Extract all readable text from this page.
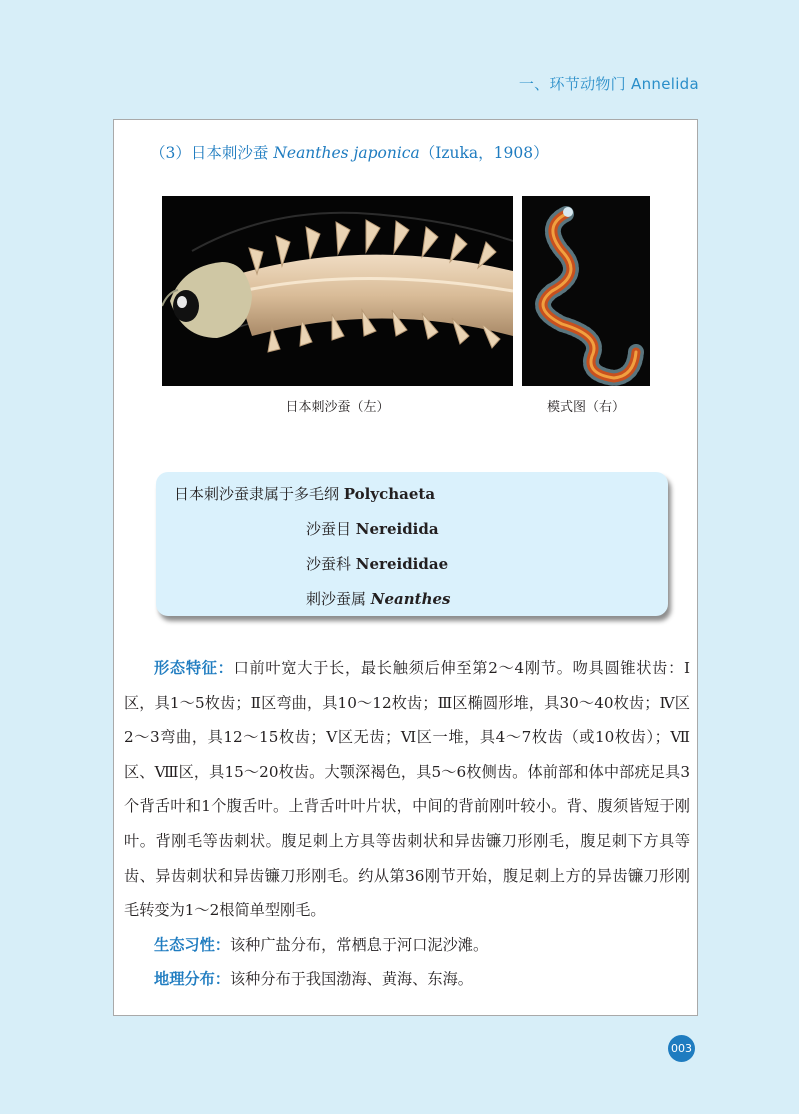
一、环节动物门 Annelida
（3）日本刺沙蚕 Neanthes japonica（Izuka，1908）
日本刺沙蚕（左）	模式图（右）
日本刺沙蚕隶属于多毛纲 Polychaeta
沙蚕目 Nereidida
沙蚕科 Nereididae
刺沙蚕属 Neanthes

形态特征：口前叶宽大于长，最长触须后伸至第2～4刚节。吻具圆锥状齿：Ⅰ区，具1～5枚齿；Ⅱ区弯曲，具10～12枚齿；Ⅲ区椭圆形堆，具30～40枚齿；Ⅳ区2～3弯曲，具12～15枚齿；Ⅴ区无齿；Ⅵ区一堆，具4～7枚齿（或10枚齿）；Ⅶ区、Ⅷ区，具15～20枚齿。大颚深褐色，具5～6枚侧齿。体前部和体中部疣足具3个背舌叶和1个腹舌叶。上背舌叶叶片状，中间的背前刚叶较小。背、腹须皆短于刚叶。背刚毛等齿刺状。腹足刺上方具等齿刺状和异齿镰刀形刚毛，腹足刺下方具等齿、异齿刺状和异齿镰刀形刚毛。约从第36刚节开始，腹足刺上方的异齿镰刀形刚毛转变为1～2根简单型刚毛。

生态习性：该种广盐分布，常栖息于河口泥沙滩。

地理分布：该种分布于我国渤海、黄海、东海。

003
